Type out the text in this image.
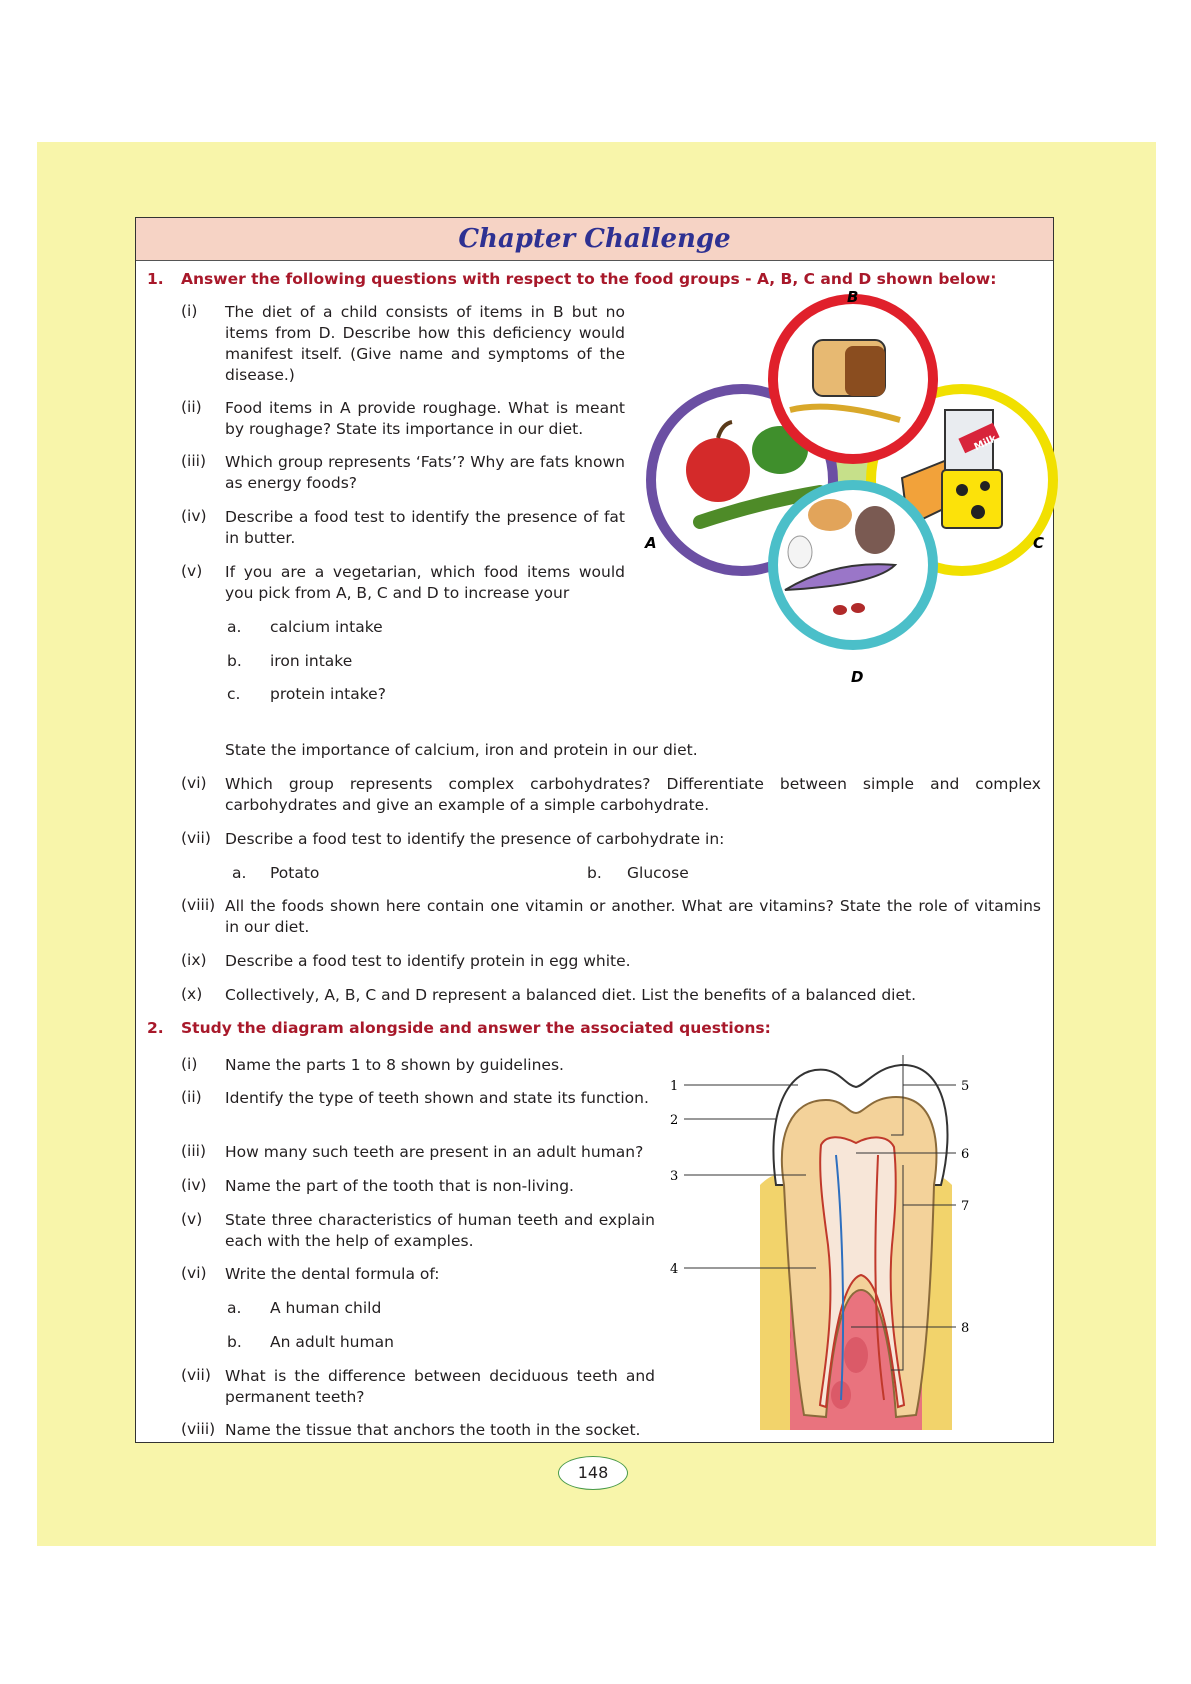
Chapter Challenge
1. Answer the following questions with respect to the food groups - A, B, C and D shown below:
(i) The diet of a child consists of items in B but no items from D. Describe how this deficiency would manifest itself. (Give name and symptoms of the disease.)
(ii) Food items in A provide roughage. What is meant by roughage? State its importance in our diet.
(iii) Which group represents ‘Fats’? Why are fats known as energy foods?
(iv) Describe a food test to identify the presence of fat in butter.
(v) If you are a vegetarian, which food items would you pick from A, B, C and D to increase your
a. calcium intake
b. iron intake
c. protein intake?
State the importance of calcium, iron and protein in our diet.
(vi) Which group represents complex carbohydrates? Differentiate between simple and complex carbohydrates and give an example of a simple carbohydrate.
(vii) Describe a food test to identify the presence of carbohydrate in:
a. Potato	b. Glucose
(viii) All the foods shown here contain one vitamin or another. What are vitamins? State the role of vitamins in our diet.
(ix) Describe a food test to identify protein in egg white.
(x) Collectively, A, B, C and D represent a balanced diet. List the benefits of a balanced diet.
Milk
A
B
C
D
2. Study the diagram alongside and answer the associated questions:
(i) Name the parts 1 to 8 shown by guidelines.
(ii) Identify the type of teeth shown and state its function.
(iii) How many such teeth are present in an adult human?
(iv) Name the part of the tooth that is non-living.
(v) State three characteristics of human teeth and explain each with the help of examples.
(vi) Write the dental formula of:
a. A human child
b. An adult human
(vii) What is the difference between deciduous teeth and permanent teeth?
(viii) Name the tissue that anchors the tooth in the socket.
1
2
3
4
5
6
7
8
148
